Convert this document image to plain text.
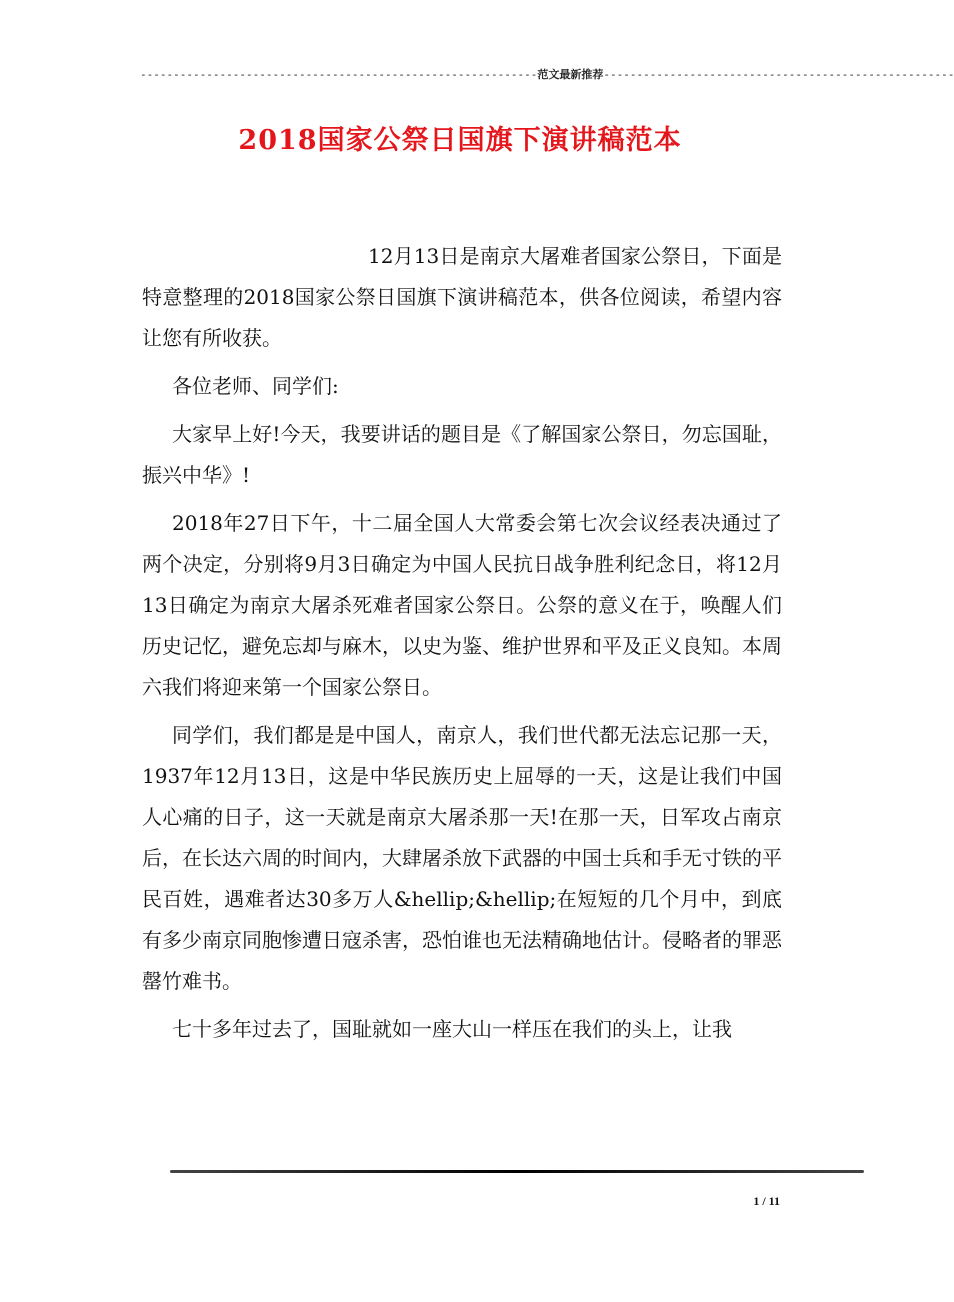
------------------------------------------------------------范文最新推荐-----------------------------------------------------
2018国家公祭日国旗下演讲稿范本

12月13日是南京大屠难者国家公祭日，下面是特意整理的2018国家公祭日国旗下演讲稿范本，供各位阅读，希望内容让您有所收获。

各位老师、同学们:

大家早上好!今天，我要讲话的题目是《了解国家公祭日，勿忘国耻，振兴中华》!

2018年27日下午，十二届全国人大常委会第七次会议经表决通过了两个决定，分别将9月3日确定为中国人民抗日战争胜利纪念日，将12月13日确定为南京大屠杀死难者国家公祭日。公祭的意义在于，唤醒人们历史记忆，避免忘却与麻木，以史为鉴、维护世界和平及正义良知。本周六我们将迎来第一个国家公祭日。

同学们，我们都是是中国人，南京人，我们世代都无法忘记那一天，1937年12月13日，这是中华民族历史上屈辱的一天，这是让我们中国人心痛的日子，这一天就是南京大屠杀那一天!在那一天，日军攻占南京后，在长达六周的时间内，大肆屠杀放下武器的中国士兵和手无寸铁的平民百姓，遇难者达30多万人&hellip;&hellip;在短短的几个月中，到底有多少南京同胞惨遭日寇杀害，恐怕谁也无法精确地估计。侵略者的罪恶罄竹难书。

七十多年过去了，国耻就如一座大山一样压在我们的头上，让我

1 / 11
